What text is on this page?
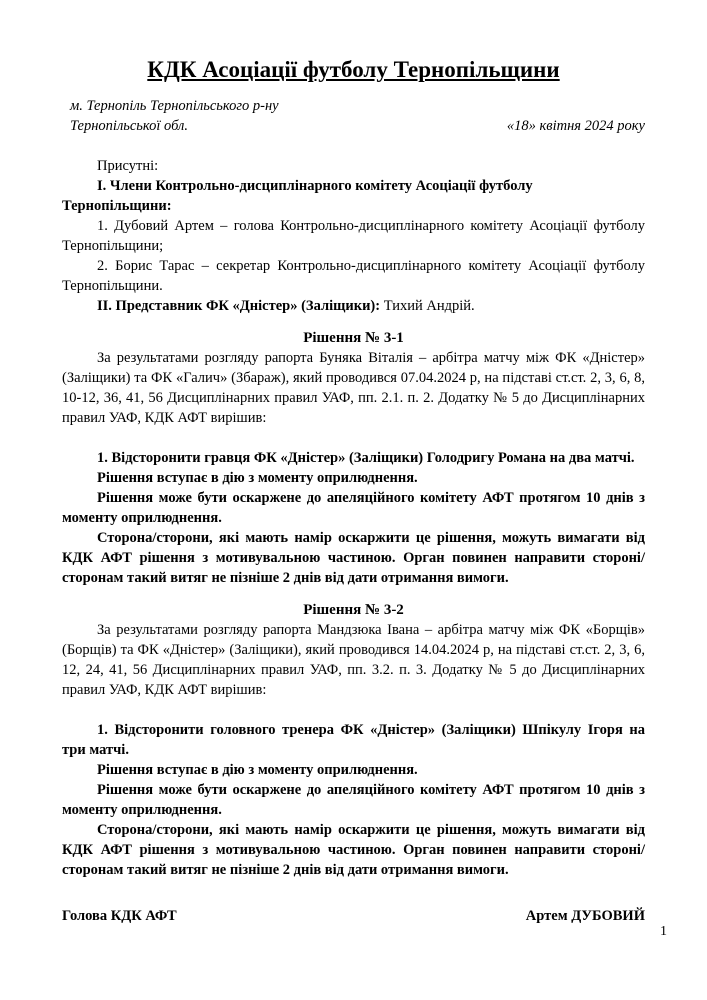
КДК Асоціації футболу Тернопільщини
м. Тернопіль Тернопільського р-ну
Тернопільської обл.	«18» квітня 2024 року

Присутні:

І. Члени Контрольно-дисциплінарного комітету Асоціації футболу Тернопільщини:

1. Дубовий Артем – голова Контрольно-дисциплінарного комітету Асоціації футболу Тернопільщини;

2. Борис Тарас – секретар Контрольно-дисциплінарного комітету Асоціації футболу Тернопільщини.

ІІ. Представник ФК «Дністер» (Заліщики): Тихий Андрій.

Рішення № 3-1

За результатами розгляду рапорта Буняка Віталія – арбітра матчу між ФК «Дністер» (Заліщики) та ФК «Галич» (Збараж), який проводився 07.04.2024 р, на підставі ст.ст. 2, 3, 6, 8, 10-12, 36, 41, 56 Дисциплінарних правил УАФ, пп. 2.1. п. 2. Додатку № 5 до Дисциплінарних правил УАФ, КДК АФТ вирішив:

1. Відсторонити гравця ФК «Дністер» (Заліщики) Голодригу Романа на два матчі.

Рішення вступає в дію з моменту оприлюднення.

Рішення може бути оскаржене до апеляційного комітету АФТ протягом 10 днів з моменту оприлюднення.

Сторона/сторони, які мають намір оскаржити це рішення, можуть вимагати від КДК АФТ рішення з мотивувальною частиною. Орган повинен направити стороні/сторонам такий витяг не пізніше 2 днів від дати отримання вимоги.

Рішення № 3-2

За результатами розгляду рапорта Мандзюка Івана – арбітра матчу між ФК «Борщів» (Борщів) та ФК «Дністер» (Заліщики), який проводився 14.04.2024 р, на підставі ст.ст. 2, 3, 6, 12, 24, 41, 56 Дисциплінарних правил УАФ, пп. 3.2. п. 3. Додатку № 5 до Дисциплінарних правил УАФ, КДК АФТ вирішив:

1. Відсторонити головного тренера ФК «Дністер» (Заліщики) Шпікулу Ігоря на три матчі.

Рішення вступає в дію з моменту оприлюднення.

Рішення може бути оскаржене до апеляційного комітету АФТ протягом 10 днів з моменту оприлюднення.

Сторона/сторони, які мають намір оскаржити це рішення, можуть вимагати від КДК АФТ рішення з мотивувальною частиною. Орган повинен направити стороні/сторонам такий витяг не пізніше 2 днів від дати отримання вимоги.

Голова КДК АФТ	Артем ДУБОВИЙ
1
